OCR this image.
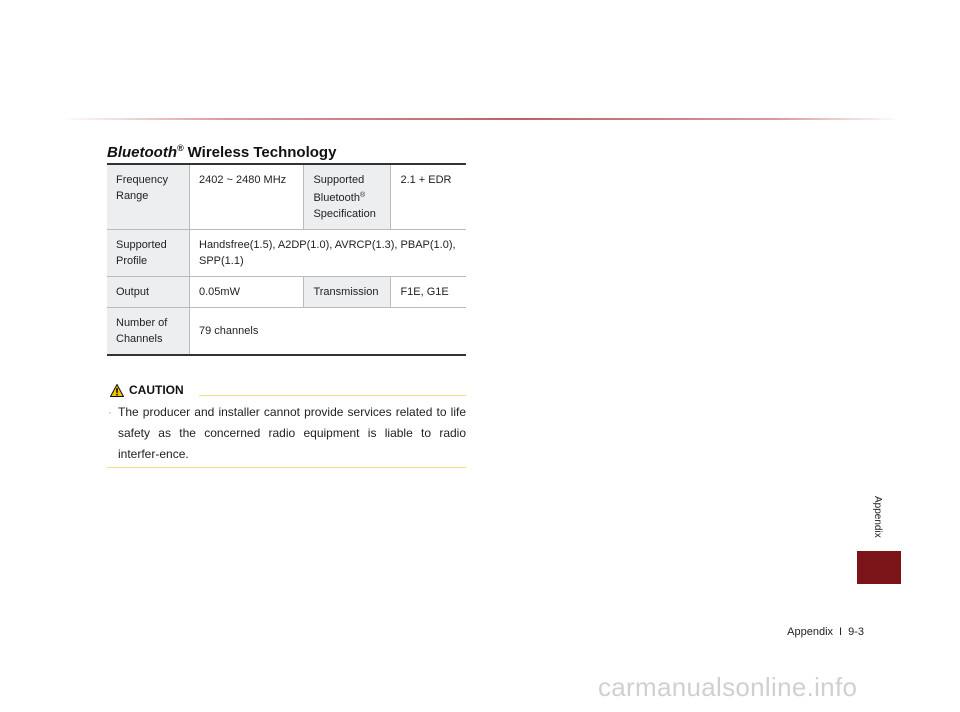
Bluetooth® Wireless Technology
Frequency
Range	2402 ~ 2480 MHz	Supported
Bluetooth®
Specification	2.1 + EDR
Supported
Profile	Handsfree(1.5), A2DP(1.0), AVRCP(1.3), PBAP(1.0),
SPP(1.1)		
Output	0.05mW	Transmission	F1E, G1E
Number of
Channels	79 channels		
CAUTION
· The producer and installer cannot provide services related to life safety as the concerned radio equipment is liable to radio interfer-ence.
Appendix
Appendix I 9-3
carmanualsonline.info
